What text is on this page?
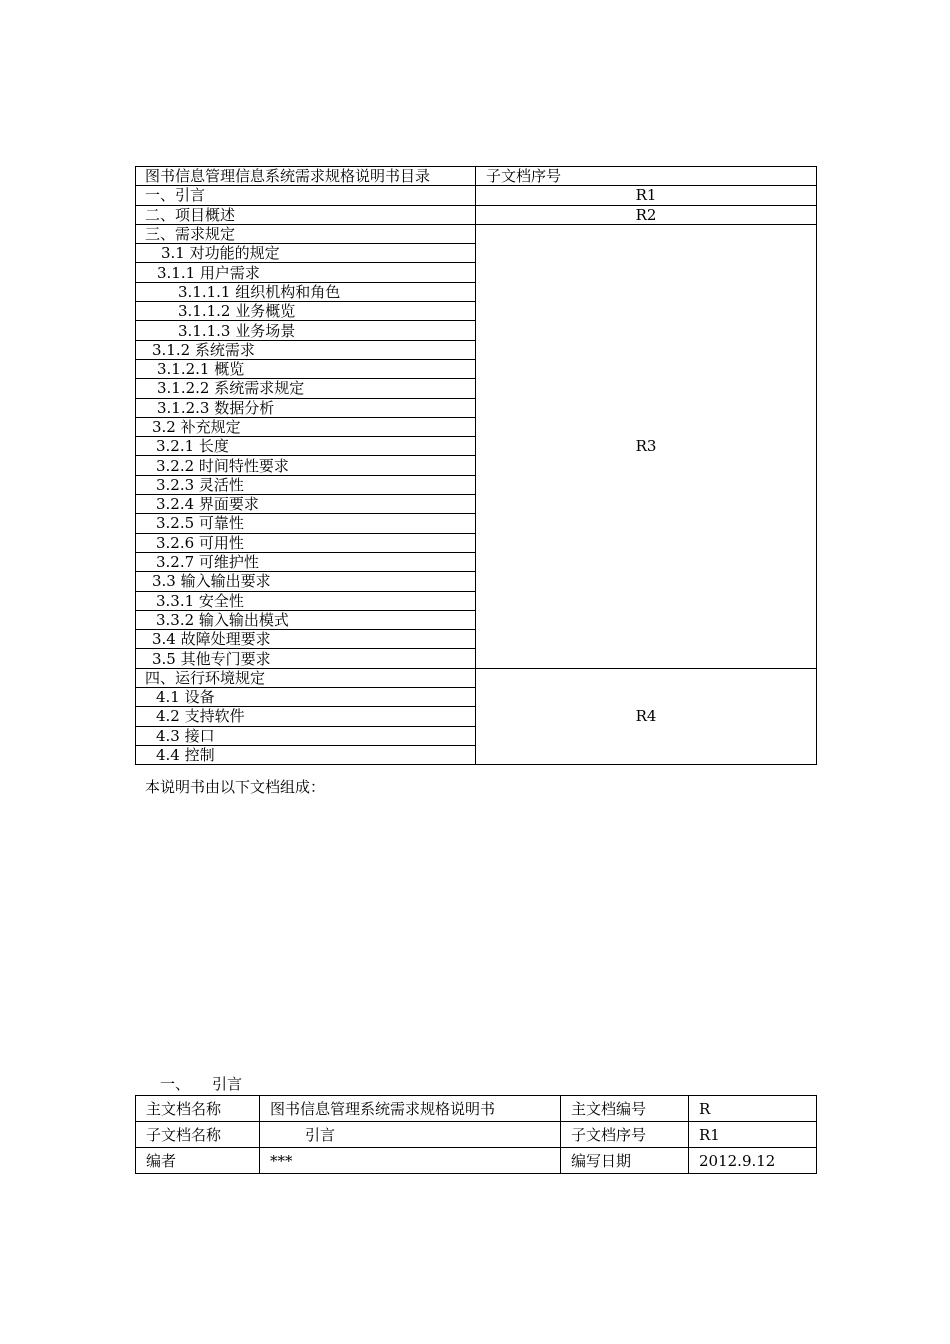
图书信息管理信息系统需求规格说明书目录	子文档序号
一、引言	R1
二、项目概述	R2
三、需求规定	R3
3.1 对功能的规定	
3.1.1 用户需求	
3.1.1.1 组织机构和角色	
3.1.1.2 业务概览	
3.1.1.3 业务场景	
3.1.2 系统需求	
3.1.2.1 概览	
3.1.2.2 系统需求规定	
3.1.2.3 数据分析	
3.2 补充规定	
3.2.1 长度	
3.2.2 时间特性要求	
3.2.3 灵活性	
3.2.4 界面要求	
3.2.5 可靠性	
3.2.6 可用性	
3.2.7 可维护性	
3.3 输入输出要求	
3.3.1 安全性	
3.3.2 输入输出模式	
3.4 故障处理要求	
3.5 其他专门要求	
四、运行环境规定	R4
4.1 设备	
4.2 支持软件	
4.3 接口	
4.4 控制	
本说明书由以下文档组成：
一、 引言
主文档名称	图书信息管理系统需求规格说明书	主文档编号	R
子文档名称	引言	子文档序号	R1
编者	***	编写日期	2012.9.12
